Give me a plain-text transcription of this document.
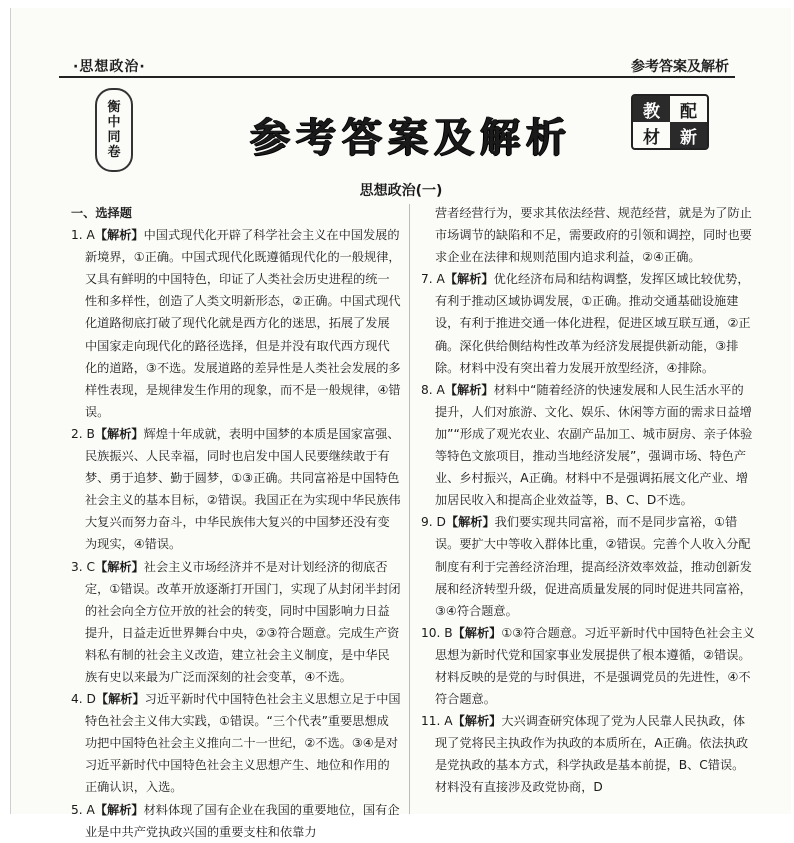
·思想政治·	参考答案及解析
衡
中
同
卷	参考答案及解析
教	配
材	新
思想政治(一)
一、选择题
1. A【解析】中国式现代化开辟了科学社会主义在中国发展的新境界，①正确。中国式现代化既遵循现代化的一般规律，又具有鲜明的中国特色，印证了人类社会历史进程的统一性和多样性，创造了人类文明新形态，②正确。中国式现代化道路彻底打破了现代化就是西方化的迷思，拓展了发展中国家走向现代化的路径选择，但是并没有取代西方现代化的道路，③不选。发展道路的差异性是人类社会发展的多样性表现，是规律发生作用的现象，而不是一般规律，④错误。
2. B【解析】辉煌十年成就，表明中国梦的本质是国家富强、民族振兴、人民幸福，同时也启发中国人民要继续敢于有梦、勇于追梦、勤于圆梦，①③正确。共同富裕是中国特色社会主义的基本目标，②错误。我国正在为实现中华民族伟大复兴而努力奋斗，中华民族伟大复兴的中国梦还没有变为现实，④错误。
3. C【解析】社会主义市场经济并不是对计划经济的彻底否定，①错误。改革开放逐渐打开国门，实现了从封闭半封闭的社会向全方位开放的社会的转变，同时中国影响力日益提升，日益走近世界舞台中央，②③符合题意。完成生产资料私有制的社会主义改造，建立社会主义制度，是中华民族有史以来最为广泛而深刻的社会变革，④不选。
4. D【解析】习近平新时代中国特色社会主义思想立足于中国特色社会主义伟大实践，①错误。“三个代表”重要思想成功把中国特色社会主义推向二十一世纪，②不选。③④是对习近平新时代中国特色社会主义思想产生、地位和作用的正确认识，入选。
5. A【解析】材料体现了国有企业在我国的重要地位，国有企业是中共产党执政兴国的重要支柱和依靠力
营者经营行为，要求其依法经营、规范经营，就是为了防止市场调节的缺陷和不足，需要政府的引领和调控，同时也要求企业在法律和规则范围内追求利益，②④正确。
7. A【解析】优化经济布局和结构调整，发挥区域比较优势，有利于推动区域协调发展，①正确。推动交通基础设施建设，有利于推进交通一体化进程，促进区域互联互通，②正确。深化供给侧结构性改革为经济发展提供新动能，③排除。材料中没有突出着力发展开放型经济，④排除。
8. A【解析】材料中“随着经济的快速发展和人民生活水平的提升，人们对旅游、文化、娱乐、休闲等方面的需求日益增加”“形成了观光农业、农副产品加工、城市厨房、亲子体验等特色文旅项目，推动当地经济发展”，强调市场、特色产业、乡村振兴，A正确。材料中不是强调拓展文化产业、增加居民收入和提高企业效益等，B、C、D不选。
9. D【解析】我们要实现共同富裕，而不是同步富裕，①错误。要扩大中等收入群体比重，②错误。完善个人收入分配制度有利于完善经济治理，提高经济效率效益，推动创新发展和经济转型升级，促进高质量发展的同时促进共同富裕，③④符合题意。
10. B【解析】①③符合题意。习近平新时代中国特色社会主义思想为新时代党和国家事业发展提供了根本遵循，②错误。材料反映的是党的与时俱进，不是强调党员的先进性，④不符合题意。
11. A【解析】大兴调查研究体现了党为人民靠人民执政，体现了党将民主执政作为执政的本质所在，A正确。依法执政是党执政的基本方式，科学执政是基本前提，B、C错误。材料没有直接涉及政党协商，D
